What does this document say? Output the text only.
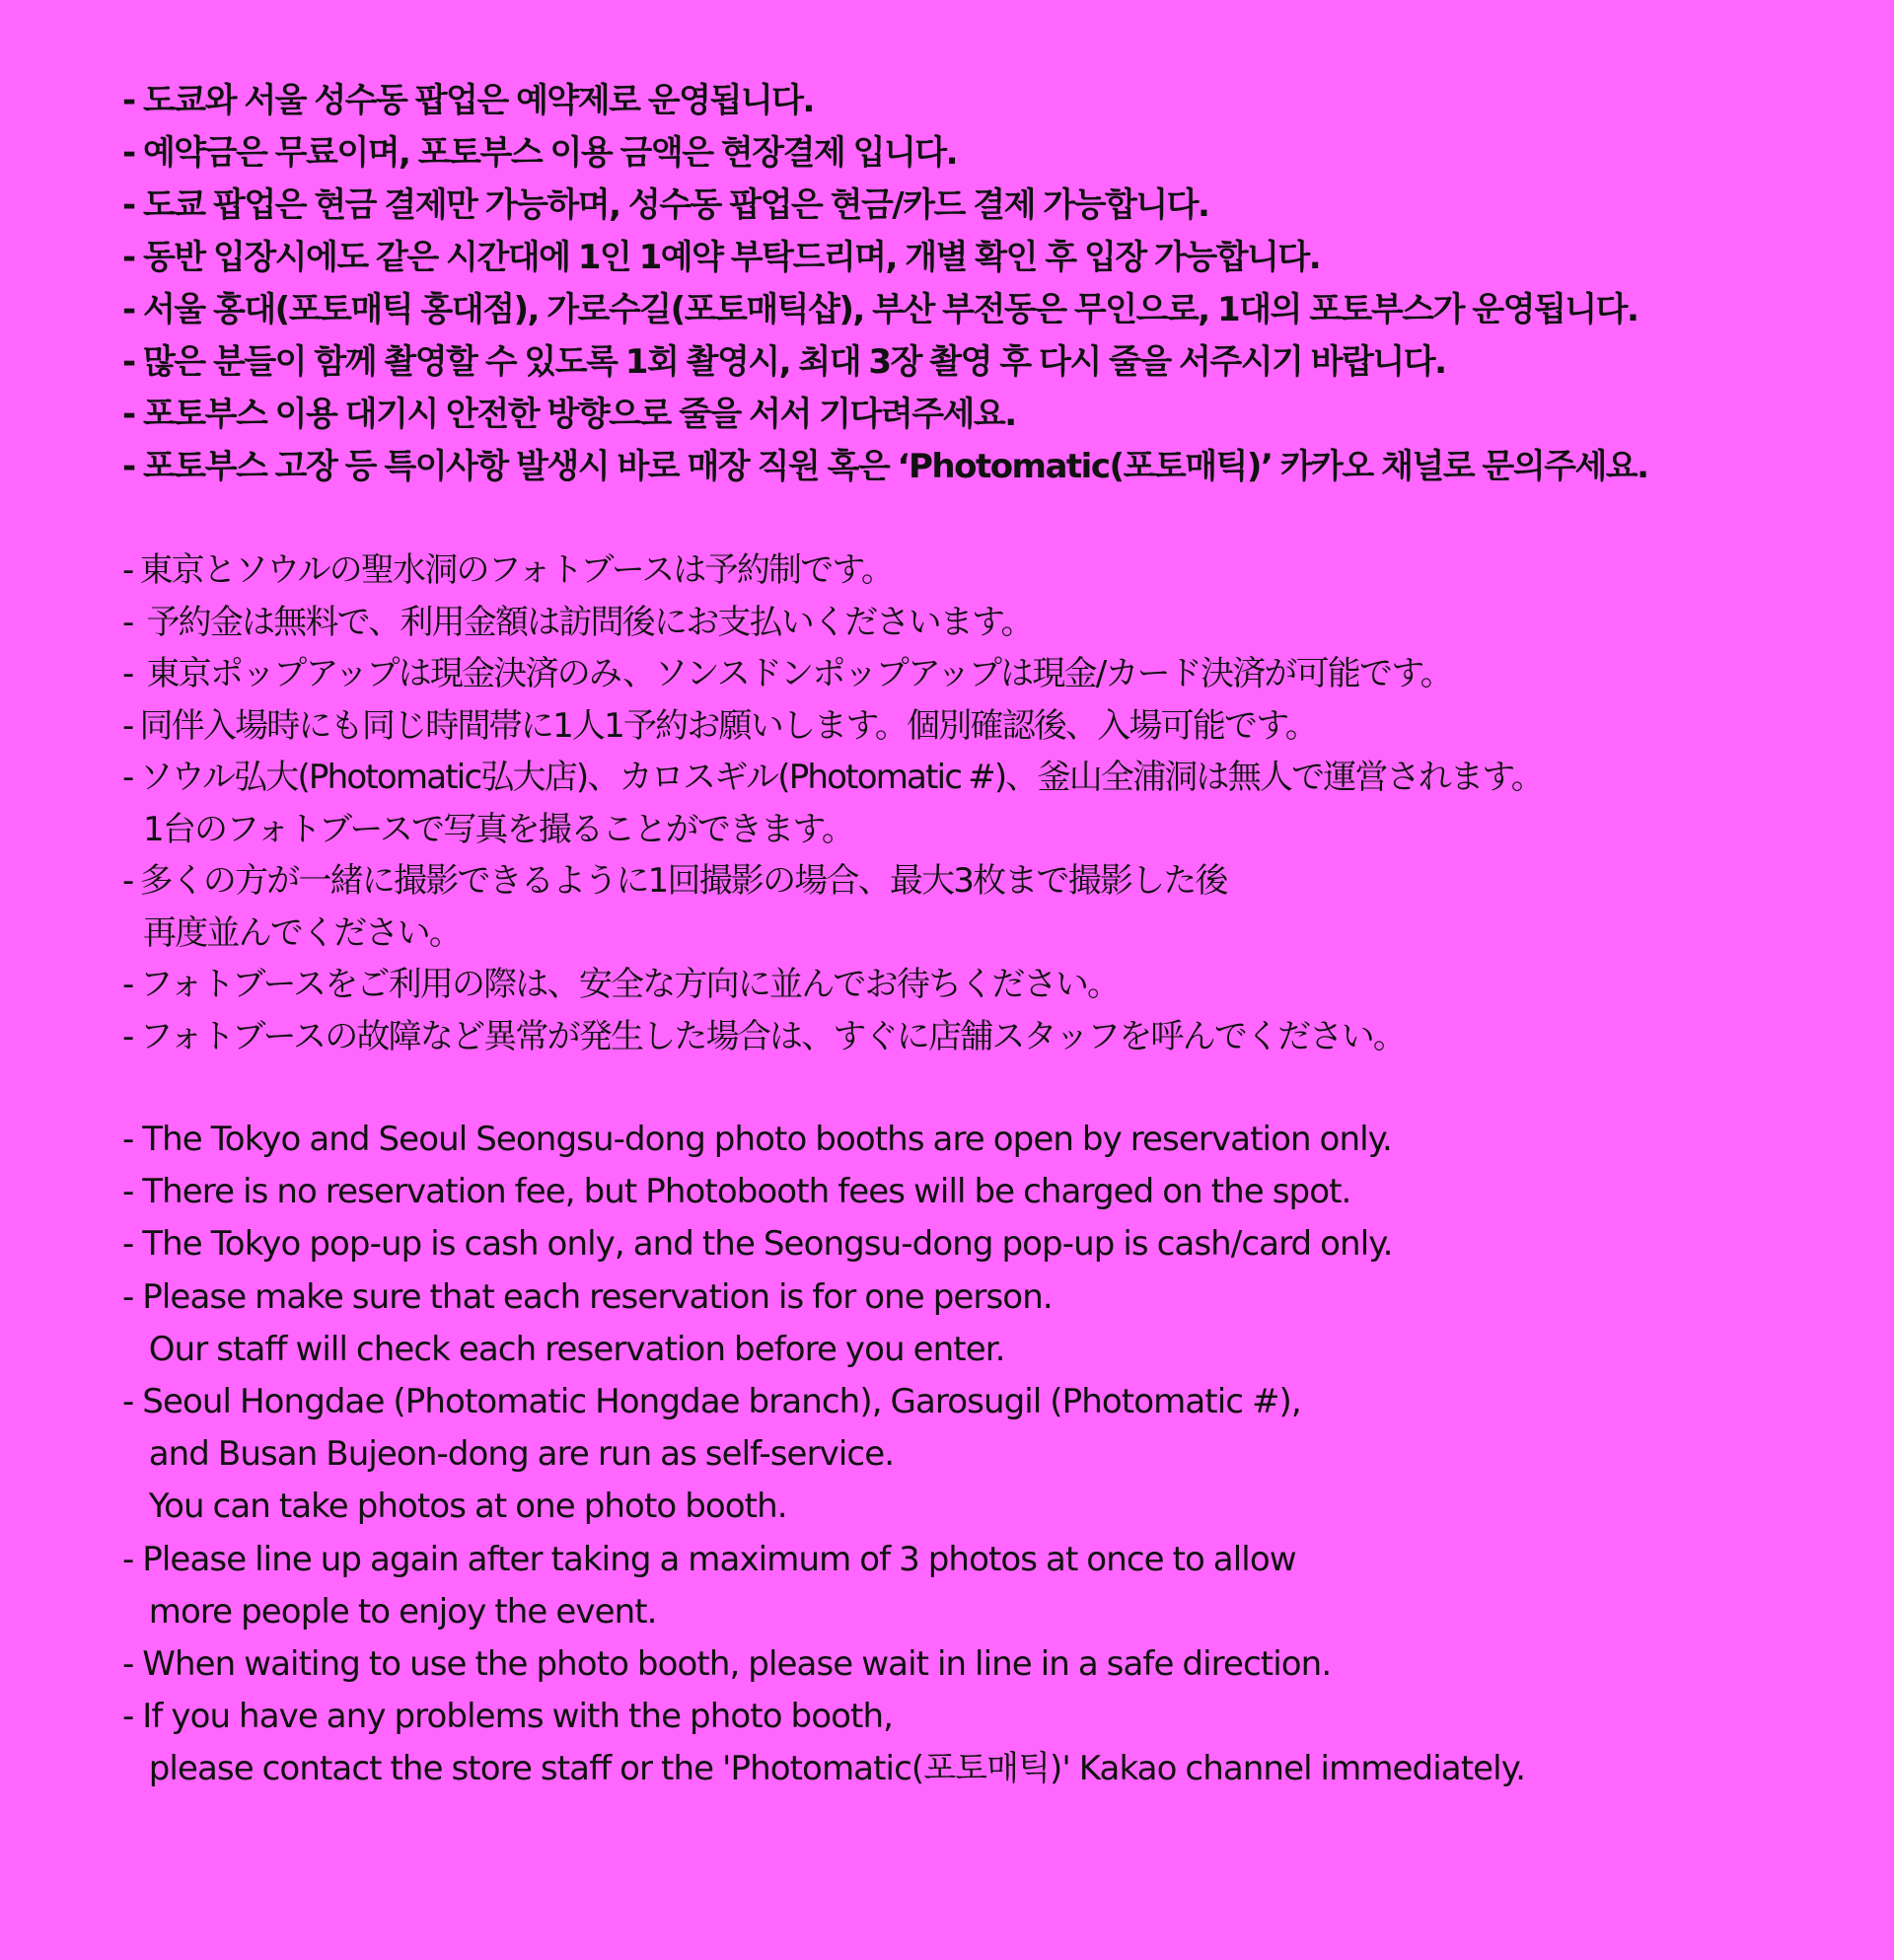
- 도쿄와 서울 성수동 팝업은 예약제로 운영됩니다.
- 예약금은 무료이며, 포토부스 이용 금액은 현장결제 입니다.
- 도쿄 팝업은 현금 결제만 가능하며, 성수동 팝업은 현금/카드 결제 가능합니다.
- 동반 입장시에도 같은 시간대에 1인 1예약 부탁드리며, 개별 확인 후 입장 가능합니다.
- 서울 홍대(포토매틱 홍대점), 가로수길(포토매틱샵), 부산 부전동은 무인으로, 1대의 포토부스가 운영됩니다.
- 많은 분들이 함께 촬영할 수 있도록 1회 촬영시, 최대 3장 촬영 후 다시 줄을 서주시기 바랍니다.
- 포토부스 이용 대기시 안전한 방향으로 줄을 서서 기다려주세요.
- 포토부스 고장 등 특이사항 발생시 바로 매장 직원 혹은 ‘Photomatic(포토매틱)’ 카카오 채널로 문의주세요.
- 東京とソウルの聖水洞のフォトブースは予約制です。
-  予約金は無料で、利用金額は訪問後にお支払いくださいます。
-  東京ポップアップは現金決済のみ、ソンスドンポップアップは現金/カード決済が可能です。
- 同伴入場時にも同じ時間帯に1人1予約お願いします。個別確認後、入場可能です。
- ソウル弘大(Photomatic弘大店)、カロスギル(Photomatic #)、釜山全浦洞は無人で運営されます。
1台のフォトブースで写真を撮ることができます。
- 多くの方が一緒に撮影できるように1回撮影の場合、最大3枚まで撮影した後
再度並んでください。
- フォトブースをご利用の際は、安全な方向に並んでお待ちください。
- フォトブースの故障など異常が発生した場合は、すぐに店舗スタッフを呼んでください。
- The Tokyo and Seoul Seongsu-dong photo booths are open by reservation only.
- There is no reservation fee, but Photobooth fees will be charged on the spot.
- The Tokyo pop-up is cash only, and the Seongsu-dong pop-up is cash/card only.
- Please make sure that each reservation is for one person.
Our staff will check each reservation before you enter.
- Seoul Hongdae (Photomatic Hongdae branch), Garosugil (Photomatic #),
and Busan Bujeon-dong are run as self-service.
You can take photos at one photo booth.
- Please line up again after taking a maximum of 3 photos at once to allow
more people to enjoy the event.
- When waiting to use the photo booth, please wait in line in a safe direction.
- If you have any problems with the photo booth,
please contact the store staff or the 'Photomatic(포토매틱)' Kakao channel immediately.
